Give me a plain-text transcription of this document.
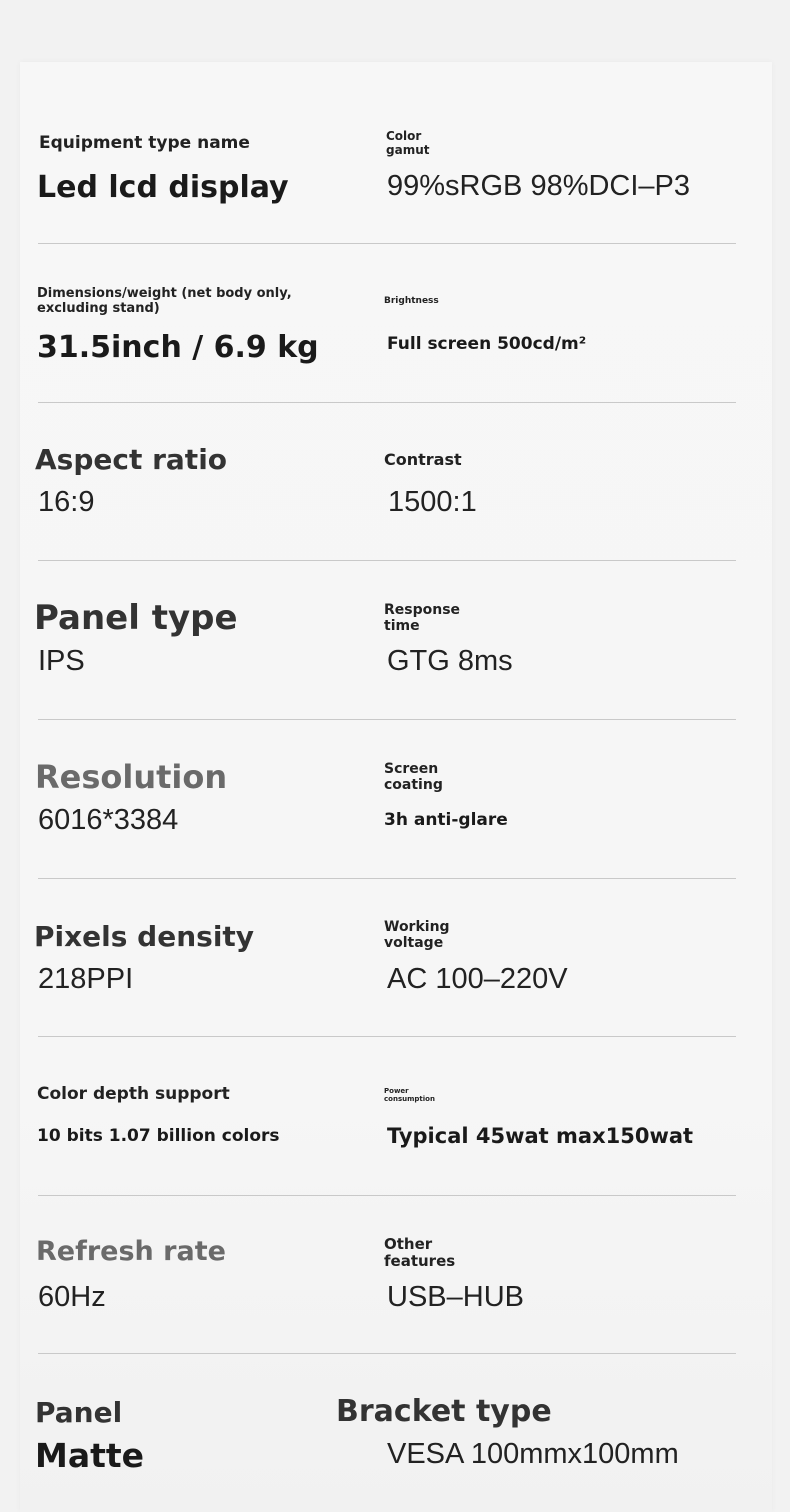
Equipment type name
Led lcd display
Color
gamut
99%sRGB 98%DCI–P3
Dimensions/weight (net body only,
excluding stand)
31.5inch / 6.9 kg
Brightness
Full screen 500cd/m²
Aspect ratio
16:9
Contrast
1500:1
Panel type
IPS
Response
time
GTG 8ms
Resolution
6016*3384
Screen
coating
3h anti-glare
Pixels density
218PPI
Working
voltage
AC 100–220V
Color depth support
10 bits 1.07 billion colors
Power
consumption
Typical 45wat max150wat
Refresh rate
60Hz
Other
features
USB–HUB
Panel
Matte
Bracket type
VESA 100mmx100mm
